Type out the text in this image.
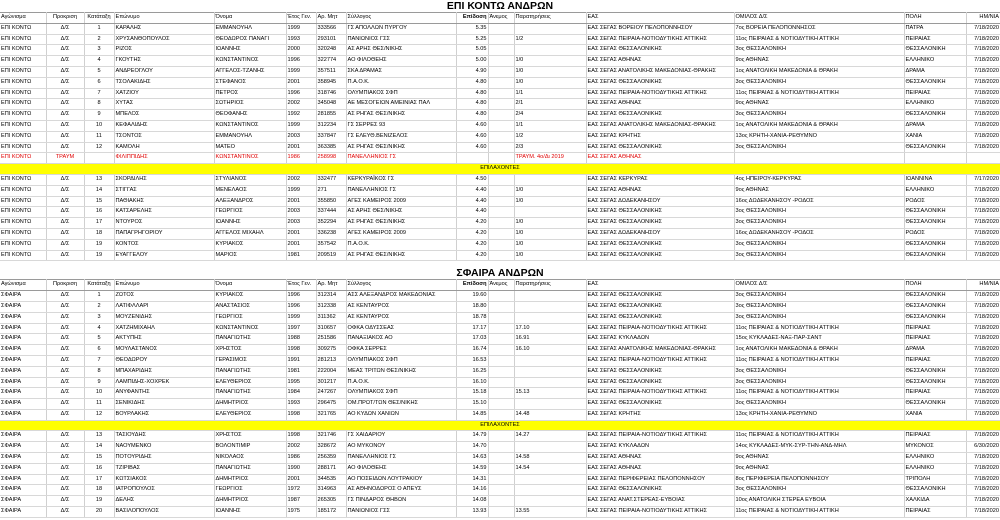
ΕΠΙ ΚΟΝΤΩ ΑΝΔΡΩΝ
Αγώνισμα	Προκριση	Κατάταξη	Επώνυμο	Όνομα	Έτος Γεν.	Αρ. Μητ	Σύλλογος	Επίδοση	Άνεμος	Παρατηρήσεις	ΕΑΣ	ΟΜΙΛΟΣ Δ/Σ	ΠΟΛΗ	ΗΜ/ΝΙΑ
ΕΠΙ ΚΟΝΤΩ	Δ/Σ	1	ΚΑΡΑΛΗΣ	ΕΜΜΑΝΟΥΗΛ	1999	333566	ΓΣ ΑΠΟΛΛΩΝ ΠΥΡΓΟΥ	5.35			ΕΑΣ ΣΕΓΑΣ ΒΟΡΕΙΟΥ ΠΕΛΟΠΟΝΝΗΣΟΥ	7ος ΒΟΡΕΙΑ ΠΕΛΟΠΟΝΝΗΣΟΣ	ΠΑΤΡΑ	7/18/2020
ΕΠΙ ΚΟΝΤΩ	Δ/Σ	2	ΧΡΥΣΑΝΘΟΠΟΥΛΟΣ	ΘΕΟΔΩΡΟΣ ΠΑΝΑΓΙ	1993	293101	ΠΑΝΙΩΝΙΟΣ ΓΣΣ	5.25		1/2	ΕΑΣ ΣΕΓΑΣ ΠΕΙΡΑΙΑ-ΝΟΤΙΟΔΥΤΙΚΗΣ ΑΤΤΙΚΗΣ	11ος ΠΕΙΡΑΙΑΣ & ΝΟΤΙΟΔΥΤΙΚΗ ΑΤΤΙΚΗ	ΠΕΙΡΑΙΑΣ	7/18/2020
ΕΠΙ ΚΟΝΤΩ	Δ/Σ	3	ΡΙΖΟΣ	ΙΩΑΝΝΗΣ	2000	320248	ΑΣ ΑΡΗΣ ΘΕΣ/ΝΙΚΗΣ	5.05			ΕΑΣ ΣΕΓΑΣ ΘΕΣΣΑΛΟΝΙΚΗΣ	3ος ΘΕΣΣΑΛΟΝΙΚΗ	ΘΕΣΣΑΛΟΝΙΚΗ	7/18/2020
ΕΠΙ ΚΟΝΤΩ	Δ/Σ	4	ΓΚΟΥΤΗΣ	ΚΩΝΣΤΑΝΤΙΝΟΣ	1996	322774	ΑΟ ΦΙΛΟΘΕΗΣ	5.00		1/0	ΕΑΣ ΣΕΓΑΣ ΑΘΗΝΑΣ	9ος ΑΘΗΝΑΣ	ΕΛΛΗΝΙΚΟ	7/18/2020
ΕΠΙ ΚΟΝΤΩ	Δ/Σ	5	ΑΝΔΡΕΟΓΛΟΥ	ΑΓΓΕΛΟΣ-ΤΖΑΝΗΣ	1999	357511	ΣΚΑ ΔΡΑΜΑΣ	4.90		1/0	ΕΑΣ ΣΕΓΑΣ ΑΝΑΤΟΛΙΚΗΣ ΜΑΚΕΔΟΝΙΑΣ-ΘΡΑΚΗΣ	1ος ΑΝΑΤΟΛΙΚΗ ΜΑΚΕΔΟΝΙΑ & ΘΡΑΚΗ	ΔΡΑΜΑ	7/18/2020
ΕΠΙ ΚΟΝΤΩ	Δ/Σ	6	ΤΣΟΛΑΚΙΔΗΣ	ΣΤΕΦΑΝΟΣ	2001	358945	Π.Α.Ο.Κ.	4.80		1/0	ΕΑΣ ΣΕΓΑΣ ΘΕΣΣΑΛΟΝΙΚΗΣ	3ος ΘΕΣΣΑΛΟΝΙΚΗ	ΘΕΣΣΑΛΟΝΙΚΗ	7/18/2020
ΕΠΙ ΚΟΝΤΩ	Δ/Σ	7	ΧΑΤΖΙΟΥ	ΠΕΤΡΟΣ	1996	318746	ΟΛΥΜΠΙΑΚΟΣ ΣΦΠ	4.80		1/1	ΕΑΣ ΣΕΓΑΣ ΠΕΙΡΑΙΑ-ΝΟΤΙΟΔΥΤΙΚΗΣ ΑΤΤΙΚΗΣ	11ος ΠΕΙΡΑΙΑΣ & ΝΟΤΙΟΔΥΤΙΚΗ ΑΤΤΙΚΗ	ΠΕΙΡΑΙΑΣ	7/18/2020
ΕΠΙ ΚΟΝΤΩ	Δ/Σ	8	ΧΥΤΑΣ	ΣΩΤΗΡΙΟΣ	2002	345048	ΑΕ ΜΕΣΟΓΕΙΩΝ ΑΜΕΙΝΙΑΣ ΠΑΛ	4.80		2/1	ΕΑΣ ΣΕΓΑΣ ΑΘΗΝΑΣ	9ος ΑΘΗΝΑΣ	ΕΛΛΗΝΙΚΟ	7/18/2020
ΕΠΙ ΚΟΝΤΩ	Δ/Σ	9	ΜΠΕΛΟΣ	ΘΕΟΦΑΝΗΣ	1992	281855	ΑΣ ΡΗΓΑΣ ΘΕΣ/ΝΙΚΗΣ	4.80		2/4	ΕΑΣ ΣΕΓΑΣ ΘΕΣΣΑΛΟΝΙΚΗΣ	3ος ΘΕΣΣΑΛΟΝΙΚΗ	ΘΕΣΣΑΛΟΝΙΚΗ	7/18/2020
ΕΠΙ ΚΟΝΤΩ	Δ/Σ	10	ΚΕΦΑΛΙΔΗΣ	ΚΩΝΣΤΑΝΤΙΝΟΣ	1999	312234	ΓΣ ΣΕΡΡΕΣ 93	4.60		1/1	ΕΑΣ ΣΕΓΑΣ ΑΝΑΤΟΛΙΚΗΣ ΜΑΚΕΔΟΝΙΑΣ-ΘΡΑΚΗΣ	1ος ΑΝΑΤΟΛΙΚΗ ΜΑΚΕΔΟΝΙΑ & ΘΡΑΚΗ	ΔΡΑΜΑ	7/18/2020
ΕΠΙ ΚΟΝΤΩ	Δ/Σ	11	ΤΣΟΝΤΟΣ	ΕΜΜΑΝΟΥΗΛ	2003	337847	ΓΣ ΕΛΕΥΘ.ΒΕΝΙΖΕΛΟΣ	4.60		1/2	ΕΑΣ ΣΕΓΑΣ ΚΡΗΤΗΣ	13ος ΚΡΗΤΗ-ΧΑΝΙΑ-ΡΕΘΥΜΝΟ	ΧΑΝΙΑ	7/18/2020
ΕΠΙ ΚΟΝΤΩ	Δ/Σ	12	ΚΑΜΟΛΗ	ΜΑΤΕΟ	2001	363385	ΑΣ ΡΗΓΑΣ ΘΕΣ/ΝΙΚΗΣ	4.60		2/3	ΕΑΣ ΣΕΓΑΣ ΘΕΣΣΑΛΟΝΙΚΗΣ	3ος ΘΕΣΣΑΛΟΝΙΚΗ	ΘΕΣΣΑΛΟΝΙΚΗ	7/18/2020
ΕΠΙ ΚΟΝΤΩ	ΤΡΑΥΜ		ΦΙΛΙΠΠΙΔΗΣ	ΚΩΝΣΤΑΝΤΙΝΟΣ	1986	258998	ΠΑΝΕΛΛΗΝΙΟΣ ΓΣ			ΤΡΑΥΜ. 4ο/Δι 2019	ΕΑΣ ΣΕΓΑΣ ΑΘΗΝΑΣ			
ΕΠΙΛΑΧΟΝΤΕΣ														
ΕΠΙ ΚΟΝΤΩ	Δ/Σ	13	ΣΚΟΡΔΙΛΗΣ	ΣΤΥΛΙΑΝΟΣ	2002	332477	ΚΕΡΚΥΡΑΪΚΟΣ ΓΣ	4.50			ΕΑΣ ΣΕΓΑΣ ΚΕΡΚΥΡΑΣ	4ος ΗΠΕΙΡΟΥ-ΚΕΡΚΥΡΑΣ	ΙΩΑΝΝΙΝΑ	7/17/2020
ΕΠΙ ΚΟΝΤΩ	Δ/Σ	14	ΣΤΙΓΓΑΣ	ΜΕΝΕΛΑΟΣ	1999	271	ΠΑΝΕΛΛΗΝΙΟΣ ΓΣ	4.40		1/0	ΕΑΣ ΣΕΓΑΣ ΑΘΗΝΑΣ	9ος ΑΘΗΝΑΣ	ΕΛΛΗΝΙΚΟ	7/18/2020
ΕΠΙ ΚΟΝΤΩ	Δ/Σ	15	ΠΑΘΙΑΚΗΣ	ΑΛΕΞΑΝΔΡΟΣ	2001	355850	ΑΓΕΣ ΚΑΜΕΙΡΟΣ 2009	4.40		1/0	ΕΑΣ ΣΕΓΑΣ ΔΩΔΕΚΑΝΗΣΟΥ	16ος ΔΩΔΕΚΑΝΗΣΟΥ -ΡΟΔΟΣ	ΡΟΔΟΣ	7/18/2020
ΕΠΙ ΚΟΝΤΩ	Δ/Σ	16	ΚΑΤΣΑΡΕΛΗΣ	ΓΕΩΡΓΙΟΣ	2003	337444	ΑΣ ΑΡΗΣ ΘΕΣ/ΝΙΚΗΣ	4.40			ΕΑΣ ΣΕΓΑΣ ΘΕΣΣΑΛΟΝΙΚΗΣ	3ος ΘΕΣΣΑΛΟΝΙΚΗ	ΘΕΣΣΑΛΟΝΙΚΗ	7/18/2020
ΕΠΙ ΚΟΝΤΩ	Δ/Σ	17	ΝΤΟΥΡΟΣ	ΙΩΑΝΝΗΣ	2003	352294	ΑΣ ΡΗΓΑΣ ΘΕΣ/ΝΙΚΗΣ	4.20		1/0	ΕΑΣ ΣΕΓΑΣ ΘΕΣΣΑΛΟΝΙΚΗΣ	3ος ΘΕΣΣΑΛΟΝΙΚΗ	ΘΕΣΣΑΛΟΝΙΚΗ	7/18/2020
ΕΠΙ ΚΟΝΤΩ	Δ/Σ	18	ΠΑΠΑΓΡΗΓΟΡΙΟΥ	ΑΓΓΕΛΟΣ ΜΙΧΑΗΛ	2001	336238	ΑΓΕΣ ΚΑΜΕΙΡΟΣ 2009	4.20		1/0	ΕΑΣ ΣΕΓΑΣ ΔΩΔΕΚΑΝΗΣΟΥ	16ος ΔΩΔΕΚΑΝΗΣΟΥ -ΡΟΔΟΣ	ΡΟΔΟΣ	7/18/2020
ΕΠΙ ΚΟΝΤΩ	Δ/Σ	19	ΚΟΝΤΟΣ	ΚΥΡΙΑΚΟΣ	2001	357542	Π.Α.Ο.Κ.	4.20		1/0	ΕΑΣ ΣΕΓΑΣ ΘΕΣΣΑΛΟΝΙΚΗΣ	3ος ΘΕΣΣΑΛΟΝΙΚΗ	ΘΕΣΣΑΛΟΝΙΚΗ	7/18/2020
ΕΠΙ ΚΟΝΤΩ	Δ/Σ	19	ΕΥΑΓΓΕΛΟΥ	ΜΑΡΙΟΣ	1981	209519	ΑΣ ΡΗΓΑΣ ΘΕΣ/ΝΙΚΗΣ	4.20		1/0	ΕΑΣ ΣΕΓΑΣ ΘΕΣΣΑΛΟΝΙΚΗΣ	3ος ΘΕΣΣΑΛΟΝΙΚΗ	ΘΕΣΣΑΛΟΝΙΚΗ	7/18/2020
ΣΦΑΙΡΑ ΑΝΔΡΩΝ
Αγώνισμα	Προκριση	Κατάταξη	Επώνυμο	Όνομα	Έτος Γεν.	Αρ. Μητ	Σύλλογος	Επίδοση	Άνεμος	Παρατηρήσεις	ΕΑΣ	ΟΜΙΛΟΣ Δ/Σ	ΠΟΛΗ	ΗΜ/ΝΙΑ
ΣΦΑΙΡΑ	Δ/Σ	1	ΖΩΤΟΣ	ΚΥΡΙΑΚΟΣ	1996	312314	ΑΣΣ ΑΛΕΞΑΝΔΡΟΣ ΜΑΚΕΔΟΝΙΑΣ	19.60			ΕΑΣ ΣΕΓΑΣ ΘΕΣΣΑΛΟΝΙΚΗΣ	3ος ΘΕΣΣΑΛΟΝΙΚΗ	ΘΕΣΣΑΛΟΝΙΚΗ	7/18/2020
ΣΦΑΙΡΑ	Δ/Σ	2	ΛΑΤΙΦΛΛΑΡΙ	ΑΝΑΣΤΑΣΙΟΣ	1996	312338	ΑΣ ΚΕΝΤΑΥΡΟΣ	18.80			ΕΑΣ ΣΕΓΑΣ ΘΕΣΣΑΛΟΝΙΚΗΣ	3ος ΘΕΣΣΑΛΟΝΙΚΗ	ΘΕΣΣΑΛΟΝΙΚΗ	7/18/2020
ΣΦΑΙΡΑ	Δ/Σ	3	ΜΟΥΖΕΝΙΔΗΣ	ΓΕΩΡΓΙΟΣ	1999	311362	ΑΣ ΚΕΝΤΑΥΡΟΣ	18.78			ΕΑΣ ΣΕΓΑΣ ΘΕΣΣΑΛΟΝΙΚΗΣ	3ος ΘΕΣΣΑΛΟΝΙΚΗ	ΘΕΣΣΑΛΟΝΙΚΗ	7/18/2020
ΣΦΑΙΡΑ	Δ/Σ	4	ΧΑΤΖΗΜΙΧΑΗΛ	ΚΩΝΣΤΑΝΤΙΝΟΣ	1997	310657	ΟΦΚΑ ΟΔΥΣΣΕΑΣ	17.17		17.10	ΕΑΣ ΣΕΓΑΣ ΠΕΙΡΑΙΑ-ΝΟΤΙΟΔΥΤΙΚΗΣ ΑΤΤΙΚΗΣ	11ος ΠΕΙΡΑΙΑΣ & ΝΟΤΙΟΔΥΤΙΚΗ ΑΤΤΙΚΗ	ΠΕΙΡΑΙΑΣ	7/18/2020
ΣΦΑΙΡΑ	Δ/Σ	5	ΑΚΤΥΠΗΣ	ΠΑΝΑΓΙΩΤΗΣ	1988	251586	ΠΑΝΑΞΙΑΚΟΣ ΑΟ	17.03		16.91	ΕΑΣ ΣΕΓΑΣ ΚΥΚΛΑΔΩΝ	15ος ΚΥΚΛΑΔΕΣ-ΝΑΞ-ΠΑΡ-ΣΑΝΤ	ΠΕΙΡΑΙΑΣ	7/18/2020
ΣΦΑΙΡΑ	Δ/Σ	6	ΜΟΥΛΑΣΤΑΝΟΣ	ΧΡΗΣΤΟΣ	1998	309275	ΟΦΚΑ ΣΕΡΡΕΣ	16.74		16.10	ΕΑΣ ΣΕΓΑΣ ΑΝΑΤΟΛΙΚΗΣ ΜΑΚΕΔΟΝΙΑΣ-ΘΡΑΚΗΣ	1ος ΑΝΑΤΟΛΙΚΗ ΜΑΚΕΔΟΝΙΑ & ΘΡΑΚΗ	ΔΡΑΜΑ	7/18/2020
ΣΦΑΙΡΑ	Δ/Σ	7	ΘΕΟΔΩΡΟΥ	ΓΕΡΑΣΙΜΟΣ	1991	281213	ΟΛΥΜΠΙΑΚΟΣ ΣΦΠ	16.53			ΕΑΣ ΣΕΓΑΣ ΠΕΙΡΑΙΑ-ΝΟΤΙΟΔΥΤΙΚΗΣ ΑΤΤΙΚΗΣ	11ος ΠΕΙΡΑΙΑΣ & ΝΟΤΙΟΔΥΤΙΚΗ ΑΤΤΙΚΗ	ΠΕΙΡΑΙΑΣ	7/18/2020
ΣΦΑΙΡΑ	Δ/Σ	8	ΜΠΑΧΑΡΙΔΗΣ	ΠΑΝΑΓΙΩΤΗΣ	1981	222004	ΜΕΑΣ ΤΡΙΤΩΝ ΘΕΣ/ΝΙΚΗΣ	16.25			ΕΑΣ ΣΕΓΑΣ ΘΕΣΣΑΛΟΝΙΚΗΣ	3ος ΘΕΣΣΑΛΟΝΙΚΗ	ΘΕΣΣΑΛΟΝΙΚΗ	7/18/2020
ΣΦΑΙΡΑ	Δ/Σ	9	ΛΑΜΠΙΔΗΣ-ΧΟΧΡΕΚ	ΕΛΕΥΘΕΡΙΟΣ	1995	301217	Π.Α.Ο.Κ.	16.10			ΕΑΣ ΣΕΓΑΣ ΘΕΣΣΑΛΟΝΙΚΗΣ	3ος ΘΕΣΣΑΛΟΝΙΚΗ	ΘΕΣΣΑΛΟΝΙΚΗ	7/18/2020
ΣΦΑΙΡΑ	Δ/Σ	10	ΑΝΥΦΑΝΤΗΣ	ΠΑΝΑΓΙΩΤΗΣ	1984	247267	ΟΛΥΜΠΙΑΚΟΣ ΣΦΠ	15.18		15.13	ΕΑΣ ΣΕΓΑΣ ΠΕΙΡΑΙΑ-ΝΟΤΙΟΔΥΤΙΚΗΣ ΑΤΤΙΚΗΣ	11ος ΠΕΙΡΑΙΑΣ & ΝΟΤΙΟΔΥΤΙΚΗ ΑΤΤΙΚΗ	ΠΕΙΡΑΙΑΣ	7/18/2020
ΣΦΑΙΡΑ	Δ/Σ	11	ΣΕΝΙΚΙΔΗΣ	ΔΗΜΗΤΡΙΟΣ	1993	296475	ΟΜ.ΠΡΩΤ/ΤΩΝ ΘΕΣ/ΝΙΚΗΣ	15.10			ΕΑΣ ΣΕΓΑΣ ΘΕΣΣΑΛΟΝΙΚΗΣ	3ος ΘΕΣΣΑΛΟΝΙΚΗ	ΘΕΣΣΑΛΟΝΙΚΗ	7/18/2020
ΣΦΑΙΡΑ	Δ/Σ	12	ΒΟΥΡΛΑΚΗΣ	ΕΛΕΥΘΕΡΙΟΣ	1998	321765	ΑΟ ΚΥΔΩΝ ΧΑΝΙΩΝ	14.85		14.48	ΕΑΣ ΣΕΓΑΣ ΚΡΗΤΗΣ	13ος ΚΡΗΤΗ-ΧΑΝΙΑ-ΡΕΘΥΜΝΟ	ΧΑΝΙΑ	7/18/2020
ΕΠΙΛΑΧΟΝΤΕΣ														
ΣΦΑΙΡΑ	Δ/Σ	13	ΤΑΣΙΟΥΔΗΣ	ΧΡΗΣΤΟΣ	1998	321746	ΓΣ ΧΑΙΔΑΡΙΟΥ	14.79		14.27	ΕΑΣ ΣΕΓΑΣ ΠΕΙΡΑΙΑ-ΝΟΤΙΟΔΥΤΙΚΗΣ ΑΤΤΙΚΗΣ	11ος ΠΕΙΡΑΙΑΣ & ΝΟΤΙΟΔΥΤΙΚΗ ΑΤΤΙΚΗ	ΠΕΙΡΑΙΑΣ	7/18/2020
ΣΦΑΙΡΑ	Δ/Σ	14	ΝΑΟΥΜΕΝΚΟ	ΒΟΛΟΝΤΙΜΙΡ	2002	328672	ΑΟ ΜΥΚΟΝΟΥ	14.70			ΕΑΣ ΣΕΓΑΣ ΚΥΚΛΑΔΩΝ	14ος ΚΥΚΛΑΔΕΣ-ΜΥΚ-ΣΥΡ-ΤΗΝ-ΑΝΔ-ΜΗΛ	ΜΥΚΟΝΟΣ	6/30/2020
ΣΦΑΙΡΑ	Δ/Σ	15	ΠΟΤΟΥΡΙΔΗΣ	ΝΙΚΟΛΑΟΣ	1986	256359	ΠΑΝΕΛΛΗΝΙΟΣ ΓΣ	14.63		14.58	ΕΑΣ ΣΕΓΑΣ ΑΘΗΝΑΣ	9ος ΑΘΗΝΑΣ	ΕΛΛΗΝΙΚΟ	7/18/2020
ΣΦΑΙΡΑ	Δ/Σ	16	ΤΖΙΡΙΒΑΣ	ΠΑΝΑΓΙΩΤΗΣ	1990	288171	ΑΟ ΦΙΛΟΘΕΗΣ	14.59		14.54	ΕΑΣ ΣΕΓΑΣ ΑΘΗΝΑΣ	9ος ΑΘΗΝΑΣ	ΕΛΛΗΝΙΚΟ	7/18/2020
ΣΦΑΙΡΑ	Δ/Σ	17	ΚΩΤΣΙΑΚΟΣ	ΔΗΜΗΤΡΙΟΣ	2001	344535	ΑΟ ΠΟΣΕΙΔΩΝ ΛΟΥΤΡΑΚΙΟΥ	14.31			ΕΑΣ ΣΕΓΑΣ ΠΕΡΙΦΕΡΕΙΑΣ ΠΕΛΟΠΟΝΝΗΣΟΥ	8ος ΠΕΡΙΦΕΡΕΙΑ ΠΕΛΟΠΟΝΝΗΣΟΥ	ΤΡΙΠΟΛΗ	7/18/2020
ΣΦΑΙΡΑ	Δ/Σ	18	ΙΑΤΡΟΠΟΥΛΟΣ	ΓΕΩΡΓΙΟΣ	1972	314963	ΑΣ ΑΘΗΝΟΔΩΡΟΣ Ο ΑΠΕΥΣ	14.16			ΕΑΣ ΣΕΓΑΣ ΘΕΣΣΑΛΟΝΙΚΗΣ	3ος ΘΕΣΣΑΛΟΝΙΚΗ	ΘΕΣΣΑΛΟΝΙΚΗ	7/18/2020
ΣΦΑΙΡΑ	Δ/Σ	19	ΔΕΛΗΣ	ΔΗΜΗΤΡΙΟΣ	1987	265305	ΓΣ ΠΙΝΔΑΡΟΣ ΘΗΒΩΝ	14.08			ΕΑΣ ΣΕΓΑΣ ΑΝΑΤ.ΣΤΕΡΕΑΣ-ΕΥΒΟΙΑΣ	10ος ΑΝΑΤΟΛΙΚΗ ΣΤΕΡΕΑ ΕΥΒΟΙΑ	ΧΑΛΚΙΔΑ	7/18/2020
ΣΦΑΙΡΑ	Δ/Σ	20	ΒΑΣΙΛΟΠΟΥΛΟΣ	ΙΩΑΝΝΗΣ	1975	185172	ΠΑΝΙΩΝΙΟΣ ΓΣΣ	13.93		13.55	ΕΑΣ ΣΕΓΑΣ ΠΕΙΡΑΙΑ-ΝΟΤΙΟΔΥΤΙΚΗΣ ΑΤΤΙΚΗΣ	11ος ΠΕΙΡΑΙΑΣ & ΝΟΤΙΟΔΥΤΙΚΗ ΑΤΤΙΚΗ	ΠΕΙΡΑΙΑΣ	7/18/2020
